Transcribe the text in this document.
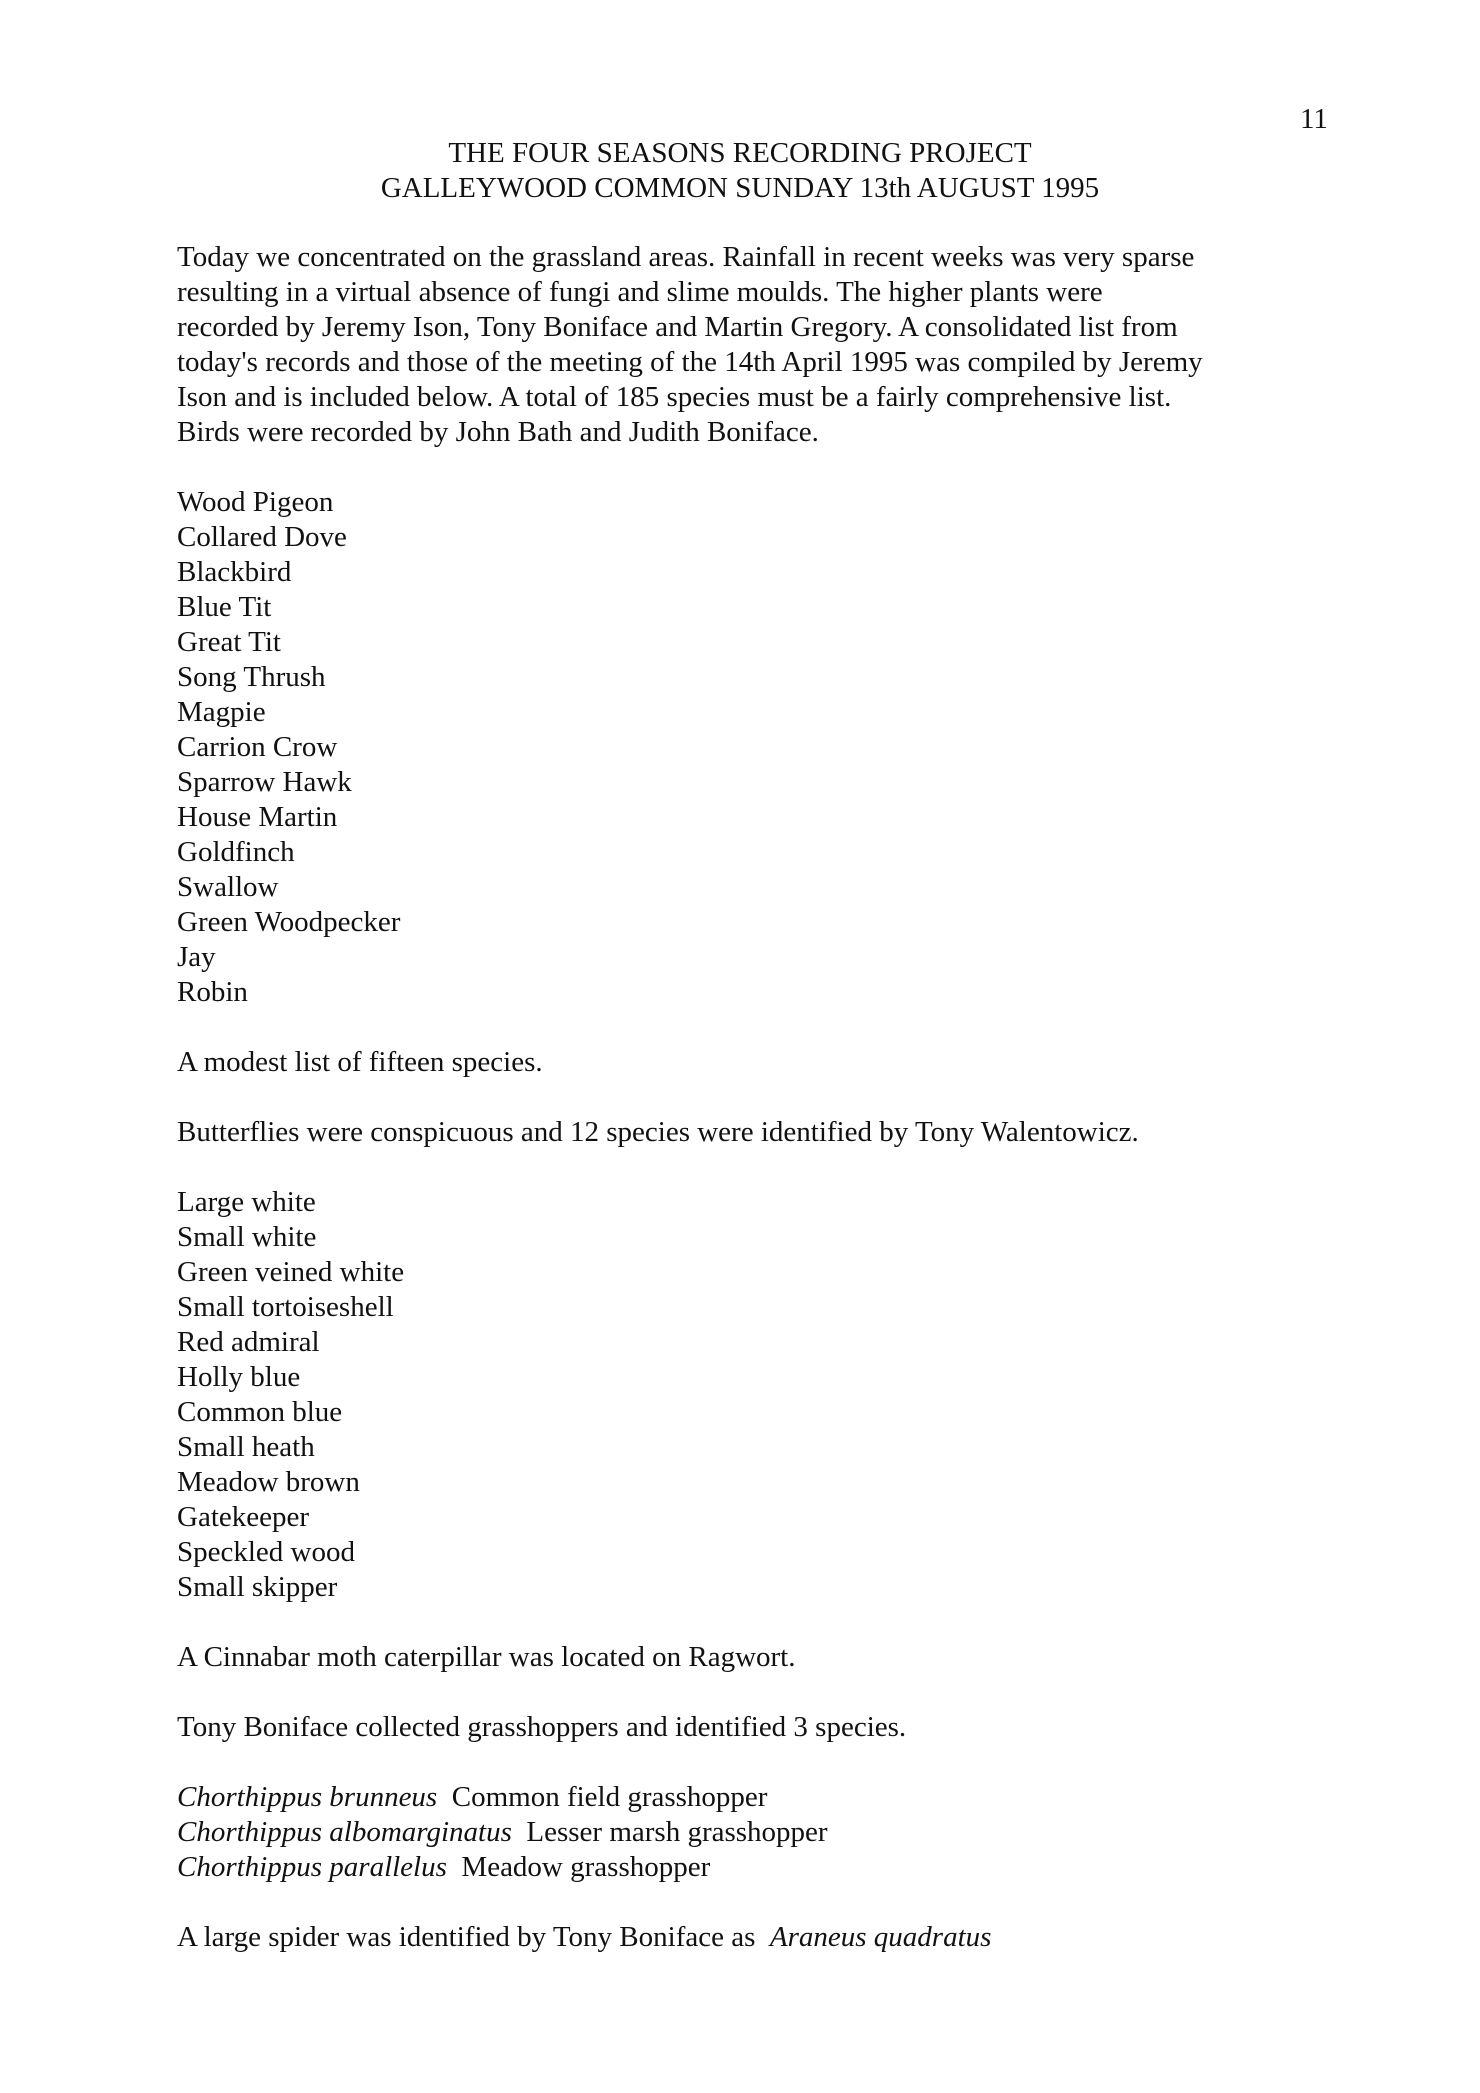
11
THE FOUR SEASONS RECORDING PROJECT
GALLEYWOOD COMMON SUNDAY 13th AUGUST 1995
Today we concentrated on the grassland areas. Rainfall in recent weeks was very sparse
resulting in a virtual absence of fungi and slime moulds. The higher plants were
recorded by Jeremy Ison, Tony Boniface and Martin Gregory. A consolidated list from
today's records and those of the meeting of the 14th April 1995 was compiled by Jeremy
Ison and is included below. A total of 185 species must be a fairly comprehensive list.
Birds were recorded by John Bath and Judith Boniface.
Wood Pigeon
Collared Dove
Blackbird
Blue Tit
Great Tit
Song Thrush
Magpie
Carrion Crow
Sparrow Hawk
House Martin
Goldfinch
Swallow
Green Woodpecker
Jay
Robin
A modest list of fifteen species.
Butterflies were conspicuous and 12 species were identified by Tony Walentowicz.
Large white
Small white
Green veined white
Small tortoiseshell
Red admiral
Holly blue
Common blue
Small heath
Meadow brown
Gatekeeper
Speckled wood
Small skipper
A Cinnabar moth caterpillar was located on Ragwort.
Tony Boniface collected grasshoppers and identified 3 species.
Chorthippus brunneus Common field grasshopper
Chorthippus albomarginatus Lesser marsh grasshopper
Chorthippus parallelus Meadow grasshopper
A large spider was identified by Tony Boniface as Araneus quadratus
